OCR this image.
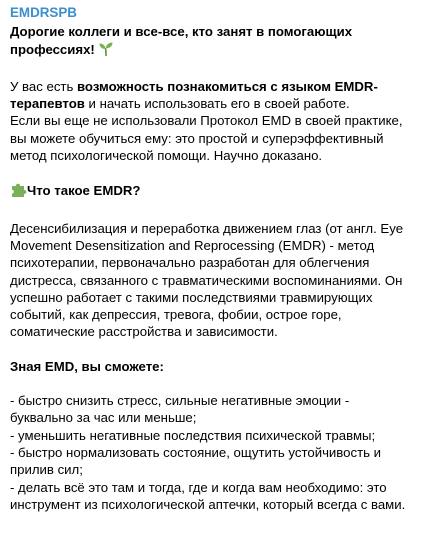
EMDRSPB

Дорогие коллеги и все-все, кто занят в помогающих профессиях!

У вас есть возможность познакомиться с языком EMDR-терапевтов и начать использовать его в своей работе.

Если вы еще не использовали Протокол EMD в своей практике, вы можете обучиться ему: это простой и суперэффективный метод психологической помощи. Научно доказано.

Что такое EMDR?

Десенсибилизация и переработка движением глаз (от англ. Eye Movement Desensitization and Reprocessing (EMDR) - метод психотерапии, первоначально разработан для облегчения дистресса, связанного с травматическими воспоминаниями. Он успешно работает с такими последствиями травмирующих событий, как депрессия, тревога, фобии, острое горе, соматические расстройства и зависимости.

Зная EMD, вы сможете:

- быстро снизить стресс, сильные негативные эмоции - буквально за час или меньше;

- уменьшить негативные последствия психической травмы;

- быстро нормализовать состояние, ощутить устойчивость и прилив сил;

- делать всё это там и тогда, где и когда вам необходимо: это инструмент из психологической аптечки, который всегда с вами.
